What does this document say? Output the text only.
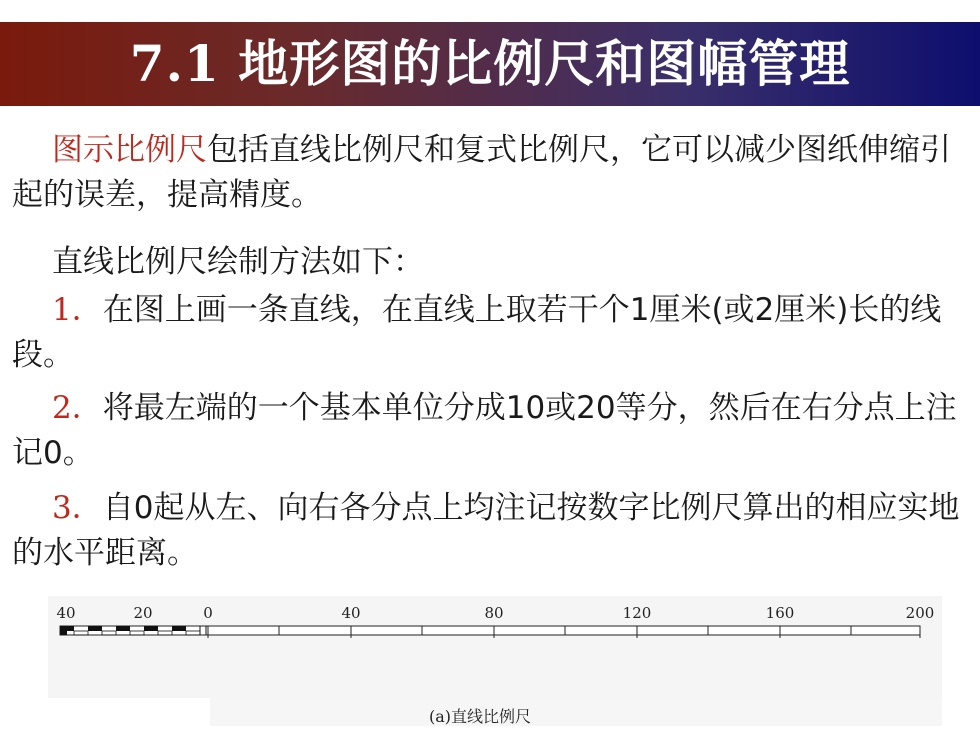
7.1 地形图的比例尺和图幅管理

图示比例尺包括直线比例尺和复式比例尺，它可以减少图纸伸缩引起的误差，提高精度。

直线比例尺绘制方法如下：

1．在图上画一条直线，在直线上取若干个1厘米(或2厘米)长的线段。

2．将最左端的一个基本单位分成10或20等分，然后在右分点上注记0。

3．自0起从左、向右各分点上均注记按数字比例尺算出的相应实地的水平距离。

40	20	0	40	80	120	160	200
(a)直线比例尺
